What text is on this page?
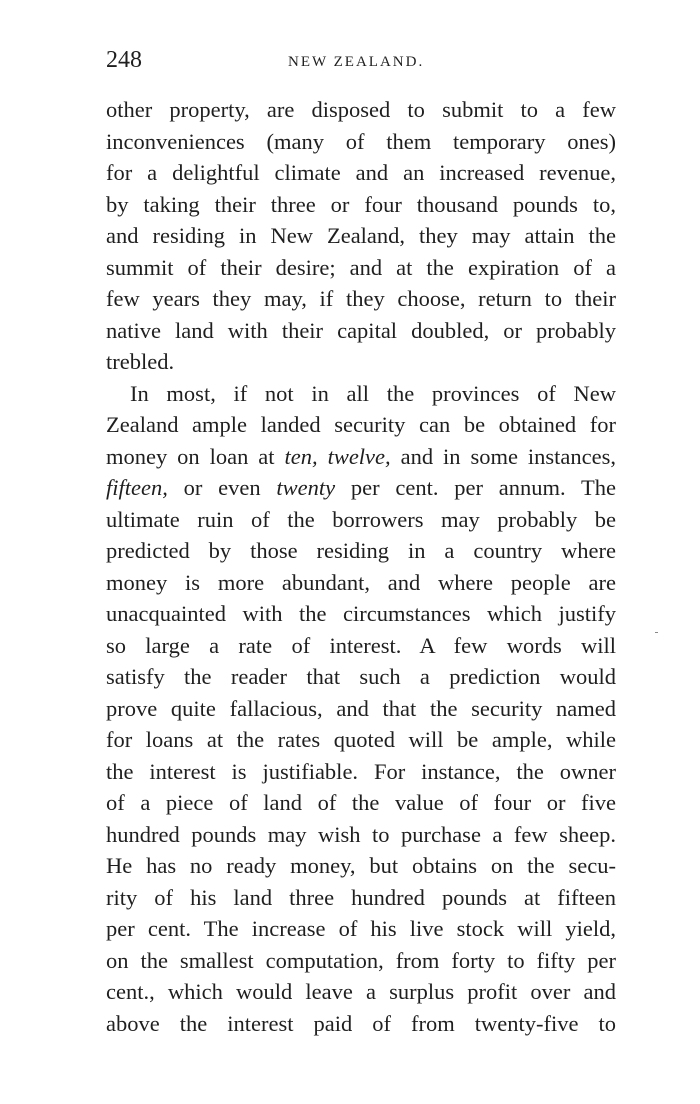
248	NEW ZEALAND.
other property, are disposed to submit to a few
inconveniences (many of them temporary ones)
for a delightful climate and an increased revenue,
by taking their three or four thousand pounds to,
and residing in New Zealand, they may attain the
summit of their desire; and at the expiration of a
few years they may, if they choose, return to their
native land with their capital doubled, or probably
trebled.
In most, if not in all the provinces of New
Zealand ample landed security can be obtained for
money on loan at ten, twelve, and in some instances,
fifteen, or even twenty per cent. per annum. The
ultimate ruin of the borrowers may probably be
predicted by those residing in a country where
money is more abundant, and where people are
unacquainted with the circumstances which justify
so large a rate of interest. A few words will
satisfy the reader that such a prediction would
prove quite fallacious, and that the security named
for loans at the rates quoted will be ample, while
the interest is justifiable. For instance, the owner
of a piece of land of the value of four or five
hundred pounds may wish to purchase a few sheep.
He has no ready money, but obtains on the secu-
rity of his land three hundred pounds at fifteen
per cent. The increase of his live stock will yield,
on the smallest computation, from forty to fifty per
cent., which would leave a surplus profit over and
above the interest paid of from twenty-five to
